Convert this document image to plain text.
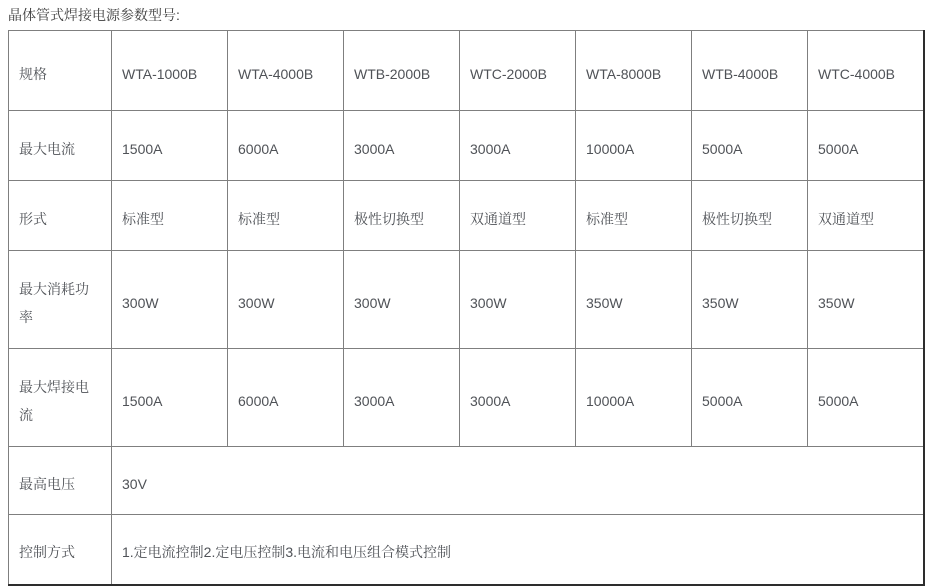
晶体管式焊接电源参数型号:
规格	WTA-1000B	WTA-4000B	WTB-2000B	WTC-2000B	WTA-8000B	WTB-4000B	WTC-4000B
最大电流	1500A	6000A	3000A	3000A	10000A	5000A	5000A
形式	标准型	标准型	极性切换型	双通道型	标准型	极性切换型	双通道型
最大消耗功率	300W	300W	300W	300W	350W	350W	350W
最大焊接电流	1500A	6000A	3000A	3000A	10000A	5000A	5000A
最高电压	30V						
控制方式	1.定电流控制2.定电压控制3.电流和电压组合模式控制						
